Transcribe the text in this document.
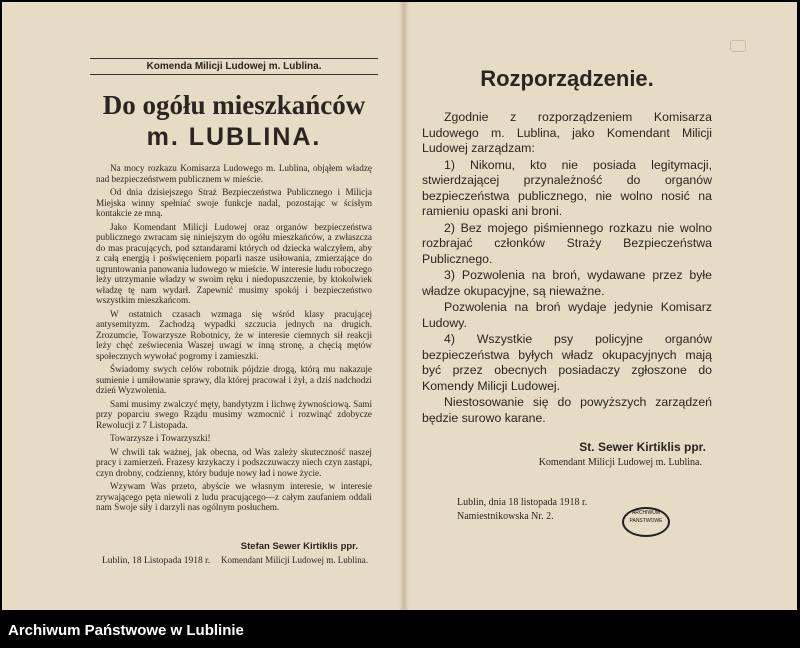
Komenda Milicji Ludowej m. Lublina.
Do ogółu mieszkańców
m. LUBLINA.

Na mocy rozkazu Komisarza Ludowego m. Lublina, objąłem władzę nad bezpieczeństwem publicznem w mieście.

Od dnia dzisiejszego Straż Bezpieczeństwa Publicznego i Milicja Miejska winny spełniać swoje funkcje nadal, pozostając w ścisłym kontakcie ze mną.

Jako Komendant Milicji Ludowej oraz organów bezpieczeństwa publicznego zwracam się niniejszym do ogółu mieszkańców, a zwłaszcza do mas pracujących, pod sztandarami których od dziecka walczyłem, aby z całą energją i poświęceniem poparli nasze usiłowania, zmierzające do ugruntowania panowania ludowego w mieście. W interesie ludu roboczego leży utrzymanie władzy w swoim ręku i niedopuszczenie, by ktokolwiek władzę tę nam wydarł. Zapewnić musimy spokój i bezpieczeństwo wszystkim mieszkańcom.

W ostatnich czasach wzmaga się wśród klasy pracującej antysemityzm. Zachodzą wypadki szczucia jednych na drugich. Zrozumcie, Towarzysze Robotnicy, że w interesie ciemnych sił reakcji leży chęć zeświecenia Waszej uwagi w inną stronę, a chęcią mętów społecznych wywołać pogromy i zamieszki.

Świadomy swych celów robotnik pójdzie drogą, którą mu nakazuje sumienie i umiłowanie sprawy, dla której pracował i żył, a dziś nadchodzi dzień Wyzwolenia.

Sami musimy zwalczyć męty, bandytyzm i lichwę żywnościową. Sami przy poparciu swego Rządu musimy wzmocnić i rozwinąć zdobycze Rewolucji z 7 Listopada.

Towarzysze i Towarzyszki!

W chwili tak ważnej, jak obecna, od Was zależy skuteczność naszej pracy i zamierzeń. Frazesy krzykaczy i podszczuwaczy niech czyn zastąpi, czyn drobny, codzienny, który buduje nowy ład i nowe życie.

Wzywam Was przeto, abyście we własnym interesie, w interesie zrywającego pęta niewoli z ludu pracującego—z całym zaufaniem oddali nam Swoje siły i darzyli nas ogólnym posłuchem.

Stefan Sewer Kirtiklis ppr.
Komendant Milicji Ludowej m. Lublina.
Lublin, 18 Listopada 1918 r.
Rozporządzenie.

Zgodnie z rozporządzeniem Komisarza Ludowego m. Lublina, jako Komendant Milicji Ludowej zarządzam:

1) Nikomu, kto nie posiada legitymacji, stwierdzającej przynależność do organów bezpieczeństwa publicznego, nie wolno nosić na ramieniu opaski ani broni.

2) Bez mojego piśmiennego rozkazu nie wolno rozbrajać członków Straży Bezpieczeństwa Publicznego.

3) Pozwolenia na broń, wydawane przez byłe władze okupacyjne, są nieważne.

Pozwolenia na broń wydaje jedynie Komisarz Ludowy.

4) Wszystkie psy policyjne organów bezpieczeństwa byłych władz okupacyjnych mają być przez obecnych posiadaczy zgłoszone do Komendy Milicji Ludowej.

Niestosowanie się do powyższych zarządzeń będzie surowo karane.

St. Sewer Kirtiklis ppr.
Komendant Milicji Ludowej m. Lublina.
Lublin, dnia 18 listopada 1918 r.
Namiestnikowska Nr. 2.	ARCHIWUM
PAŃSTWOWE
Archiwum Państwowe w Lublinie
